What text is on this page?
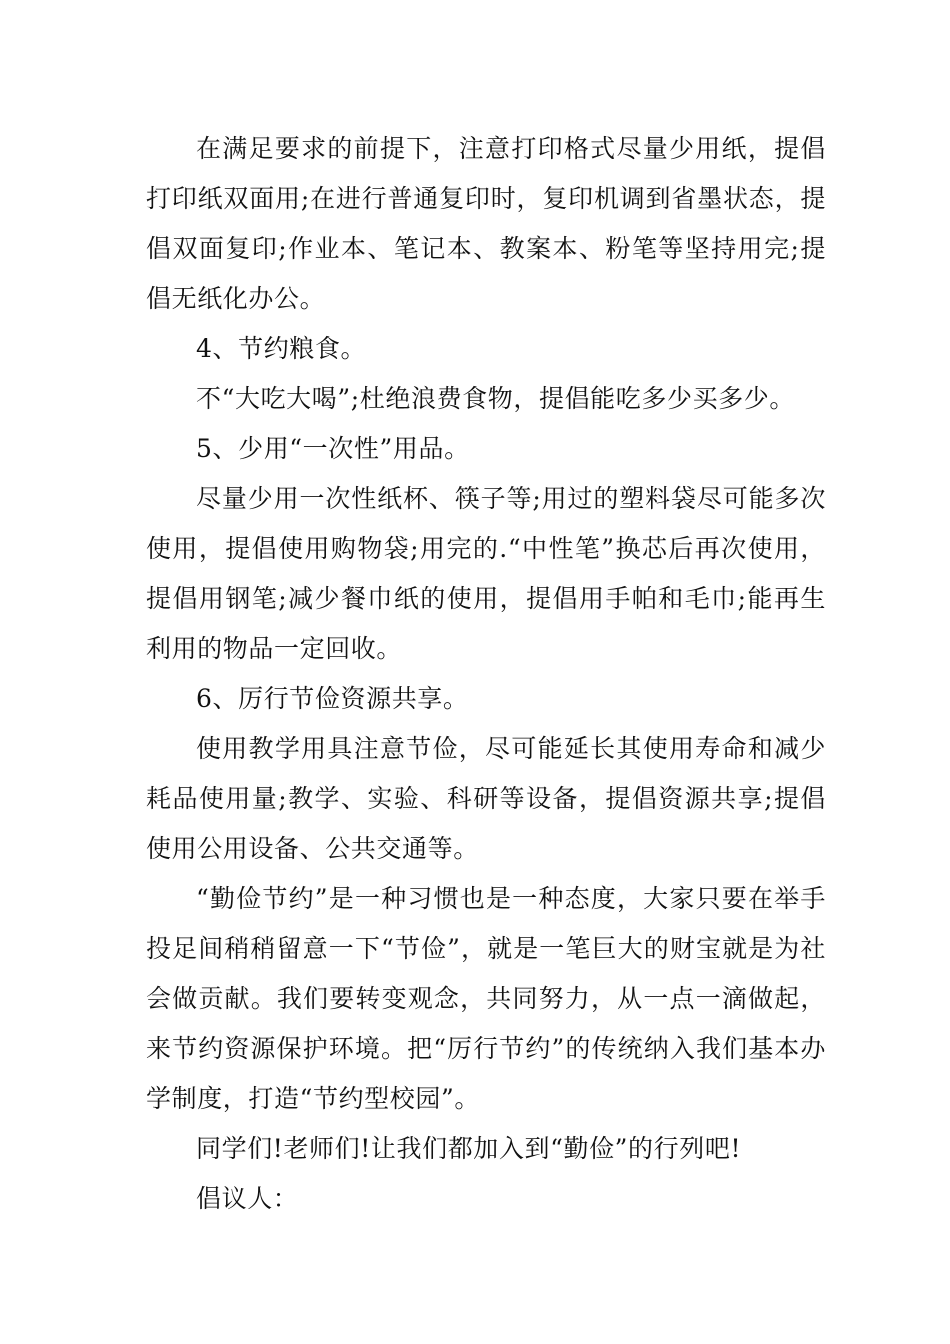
在满足要求的前提下，注意打印格式尽量少用纸，提倡打印纸双面用;在进行普通复印时，复印机调到省墨状态，提倡双面复印;作业本、笔记本、教案本、粉笔等坚持用完;提倡无纸化办公。

4、节约粮食。

不“大吃大喝”;杜绝浪费食物，提倡能吃多少买多少。

5、少用“一次性”用品。

尽量少用一次性纸杯、筷子等;用过的塑料袋尽可能多次使用，提倡使用购物袋;用完的.“中性笔”换芯后再次使用，提倡用钢笔;减少餐巾纸的使用，提倡用手帕和毛巾;能再生利用的物品一定回收。

6、厉行节俭资源共享。

使用教学用具注意节俭，尽可能延长其使用寿命和减少耗品使用量;教学、实验、科研等设备，提倡资源共享;提倡使用公用设备、公共交通等。

“勤俭节约”是一种习惯也是一种态度，大家只要在举手投足间稍稍留意一下“节俭”，就是一笔巨大的财宝就是为社会做贡献。我们要转变观念，共同努力，从一点一滴做起，来节约资源保护环境。把“厉行节约”的传统纳入我们基本办学制度，打造“节约型校园”。

同学们!老师们!让我们都加入到“勤俭”的行列吧!

倡议人：
